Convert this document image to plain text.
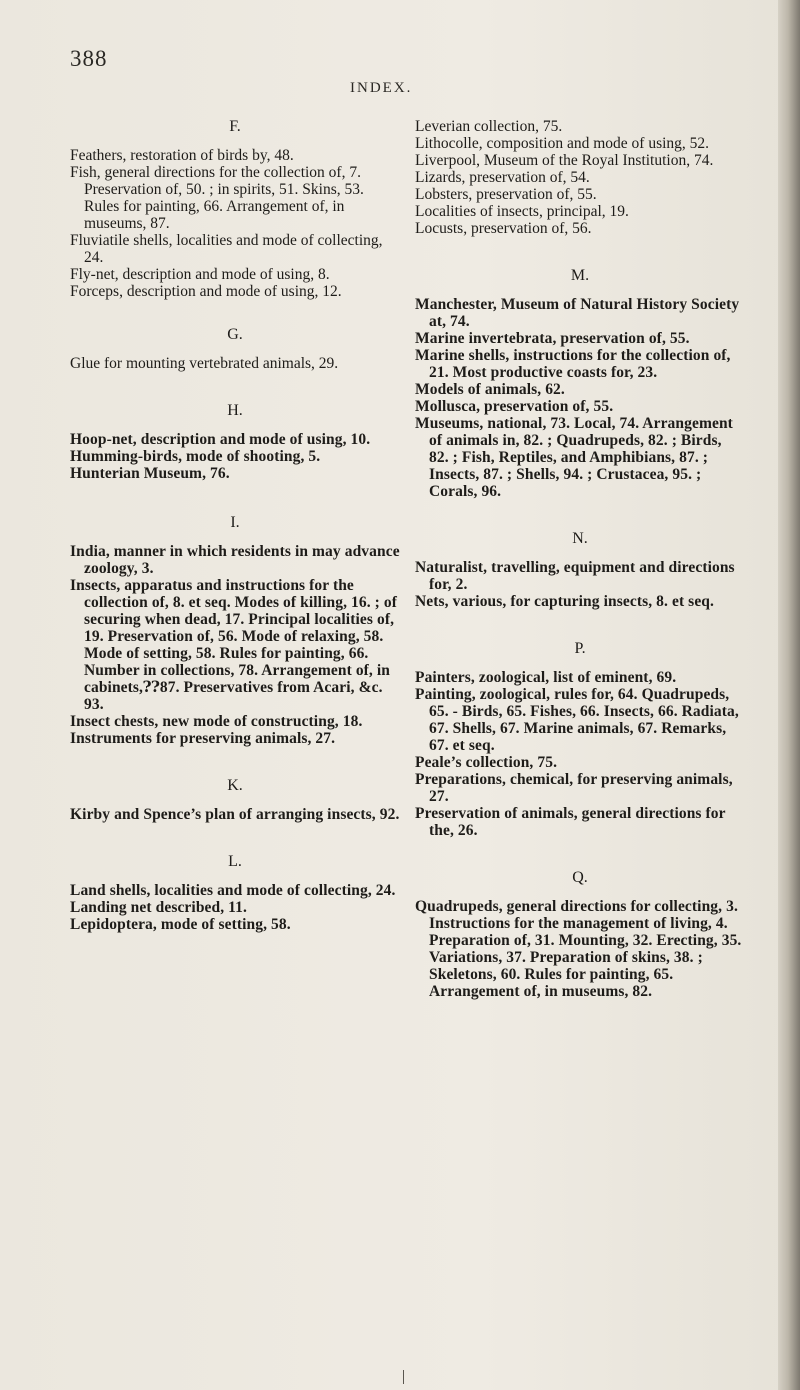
388
INDEX.

F.

Feathers, restoration of birds by, 48.

Fish, general directions for the collection of, 7. Preservation of, 50. ; in spirits, 51. Skins, 53. Rules for painting, 66. Arrangement of, in museums, 87.

Fluviatile shells, localities and mode of collecting, 24.

Fly-net, description and mode of using, 8.

Forceps, description and mode of using, 12.

G.

Glue for mounting vertebrated animals, 29.

H.

Hoop-net, description and mode of using, 10.

Humming-birds, mode of shooting, 5.

Hunterian Museum, 76.

I.

India, manner in which residents in may advance zoology, 3.

Insects, apparatus and instructions for the collection of, 8. et seq. Modes of killing, 16. ; of securing when dead, 17. Principal localities of, 19. Preservation of, 56. Mode of relaxing, 58. Mode of setting, 58. Rules for painting, 66. Number in collections, 78. Arrangement of, in cabinets,⁇87. Preservatives from Acari, &c. 93.

Insect chests, new mode of constructing, 18.

Instruments for preserving animals, 27.

K.

Kirby and Spence’s plan of arranging insects, 92.

L.

Land shells, localities and mode of collecting, 24.

Landing net described, 11.

Lepidoptera, mode of setting, 58.

Leverian collection, 75.

Lithocolle, composition and mode of using, 52.

Liverpool, Museum of the Royal Institution, 74.

Lizards, preservation of, 54.

Lobsters, preservation of, 55.

Localities of insects, principal, 19.

Locusts, preservation of, 56.

M.

Manchester, Museum of Natural History Society at, 74.

Marine invertebrata, preservation of, 55.

Marine shells, instructions for the collection of, 21. Most productive coasts for, 23.

Models of animals, 62.

Mollusca, preservation of, 55.

Museums, national, 73. Local, 74. Arrangement of animals in, 82. ; Quadrupeds, 82. ; Birds, 82. ; Fish, Reptiles, and Amphibians, 87. ; Insects, 87. ; Shells, 94. ; Crustacea, 95. ; Corals, 96.

N.

Naturalist, travelling, equipment and directions for, 2.

Nets, various, for capturing insects, 8. et seq.

P.

Painters, zoological, list of eminent, 69.

Painting, zoological, rules for, 64. Quadrupeds, 65. - Birds, 65. Fishes, 66. Insects, 66. Radiata, 67. Shells, 67. Marine animals, 67. Remarks, 67. et seq.

Peale’s collection, 75.

Preparations, chemical, for preserving animals, 27.

Preservation of animals, general directions for the, 26.

Q.

Quadrupeds, general directions for collecting, 3. Instructions for the management of living, 4. Preparation of, 31. Mounting, 32. Erecting, 35. Variations, 37. Preparation of skins, 38. ; Skeletons, 60. Rules for painting, 65. Arrangement of, in museums, 82.
